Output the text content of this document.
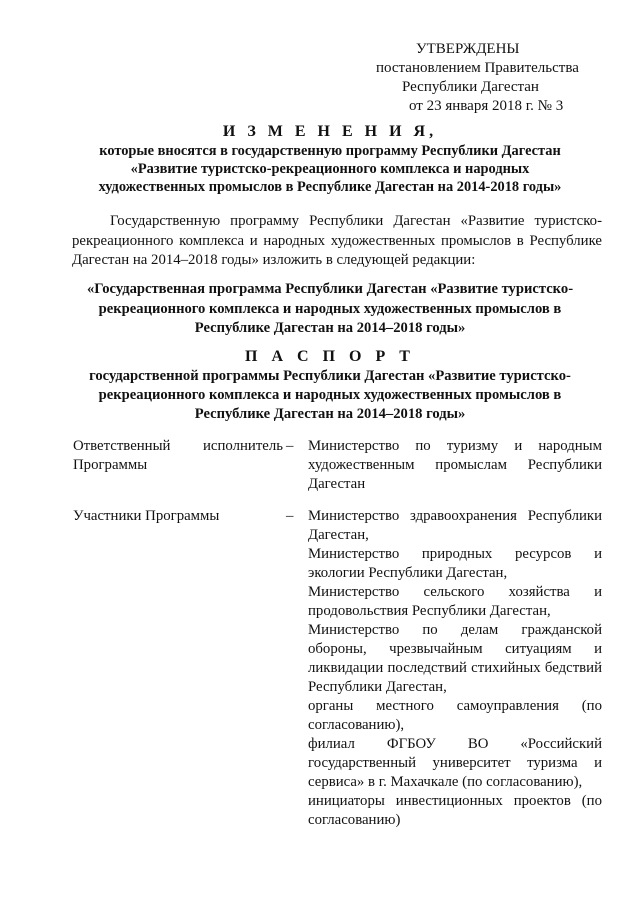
УТВЕРЖДЕНЫ
постановлением Правительства
Республики Дагестан
от 23 января 2018 г. № 3
И З М Е Н Е Н И Я,
которые вносятся в государственную программу Республики Дагестан
«Развитие туристско-рекреационного комплекса и народных
художественных промыслов в Республике Дагестан на 2014-2018 годы»
Государственную программу Республики Дагестан «Развитие туристско-рекреационного комплекса и народных художественных промыслов в Республике Дагестан на 2014–2018 годы» изложить в следующей редакции:
«Государственная программа Республики Дагестан «Развитие туристско-
рекреационного комплекса и народных художественных промыслов в
Республике Дагестан на 2014–2018 годы»
П А С П О Р Т
государственной программы Республики Дагестан «Развитие туристско-
рекреационного комплекса и народных художественных промыслов в
Республике Дагестан на 2014–2018 годы»
Ответственный исполнитель Программы
– Министерство по туризму и народным художественным промыслам Республики Дагестан
Участники Программы	– Министерство здравоохранения Республики Дагестан,
Министерство природных ресурсов и экологии Республики Дагестан,
Министерство сельского хозяйства и продовольствия Республики Дагестан,
Министерство по делам гражданской обороны, чрезвычайным ситуациям и ликвидации последствий стихийных бедствий Республики Дагестан,
органы местного самоуправления (по согласованию),
филиал ФГБОУ ВО «Российский государственный университет туризма и сервиса» в г. Махачкале (по согласованию),
инициаторы инвестиционных проектов (по согласованию)
